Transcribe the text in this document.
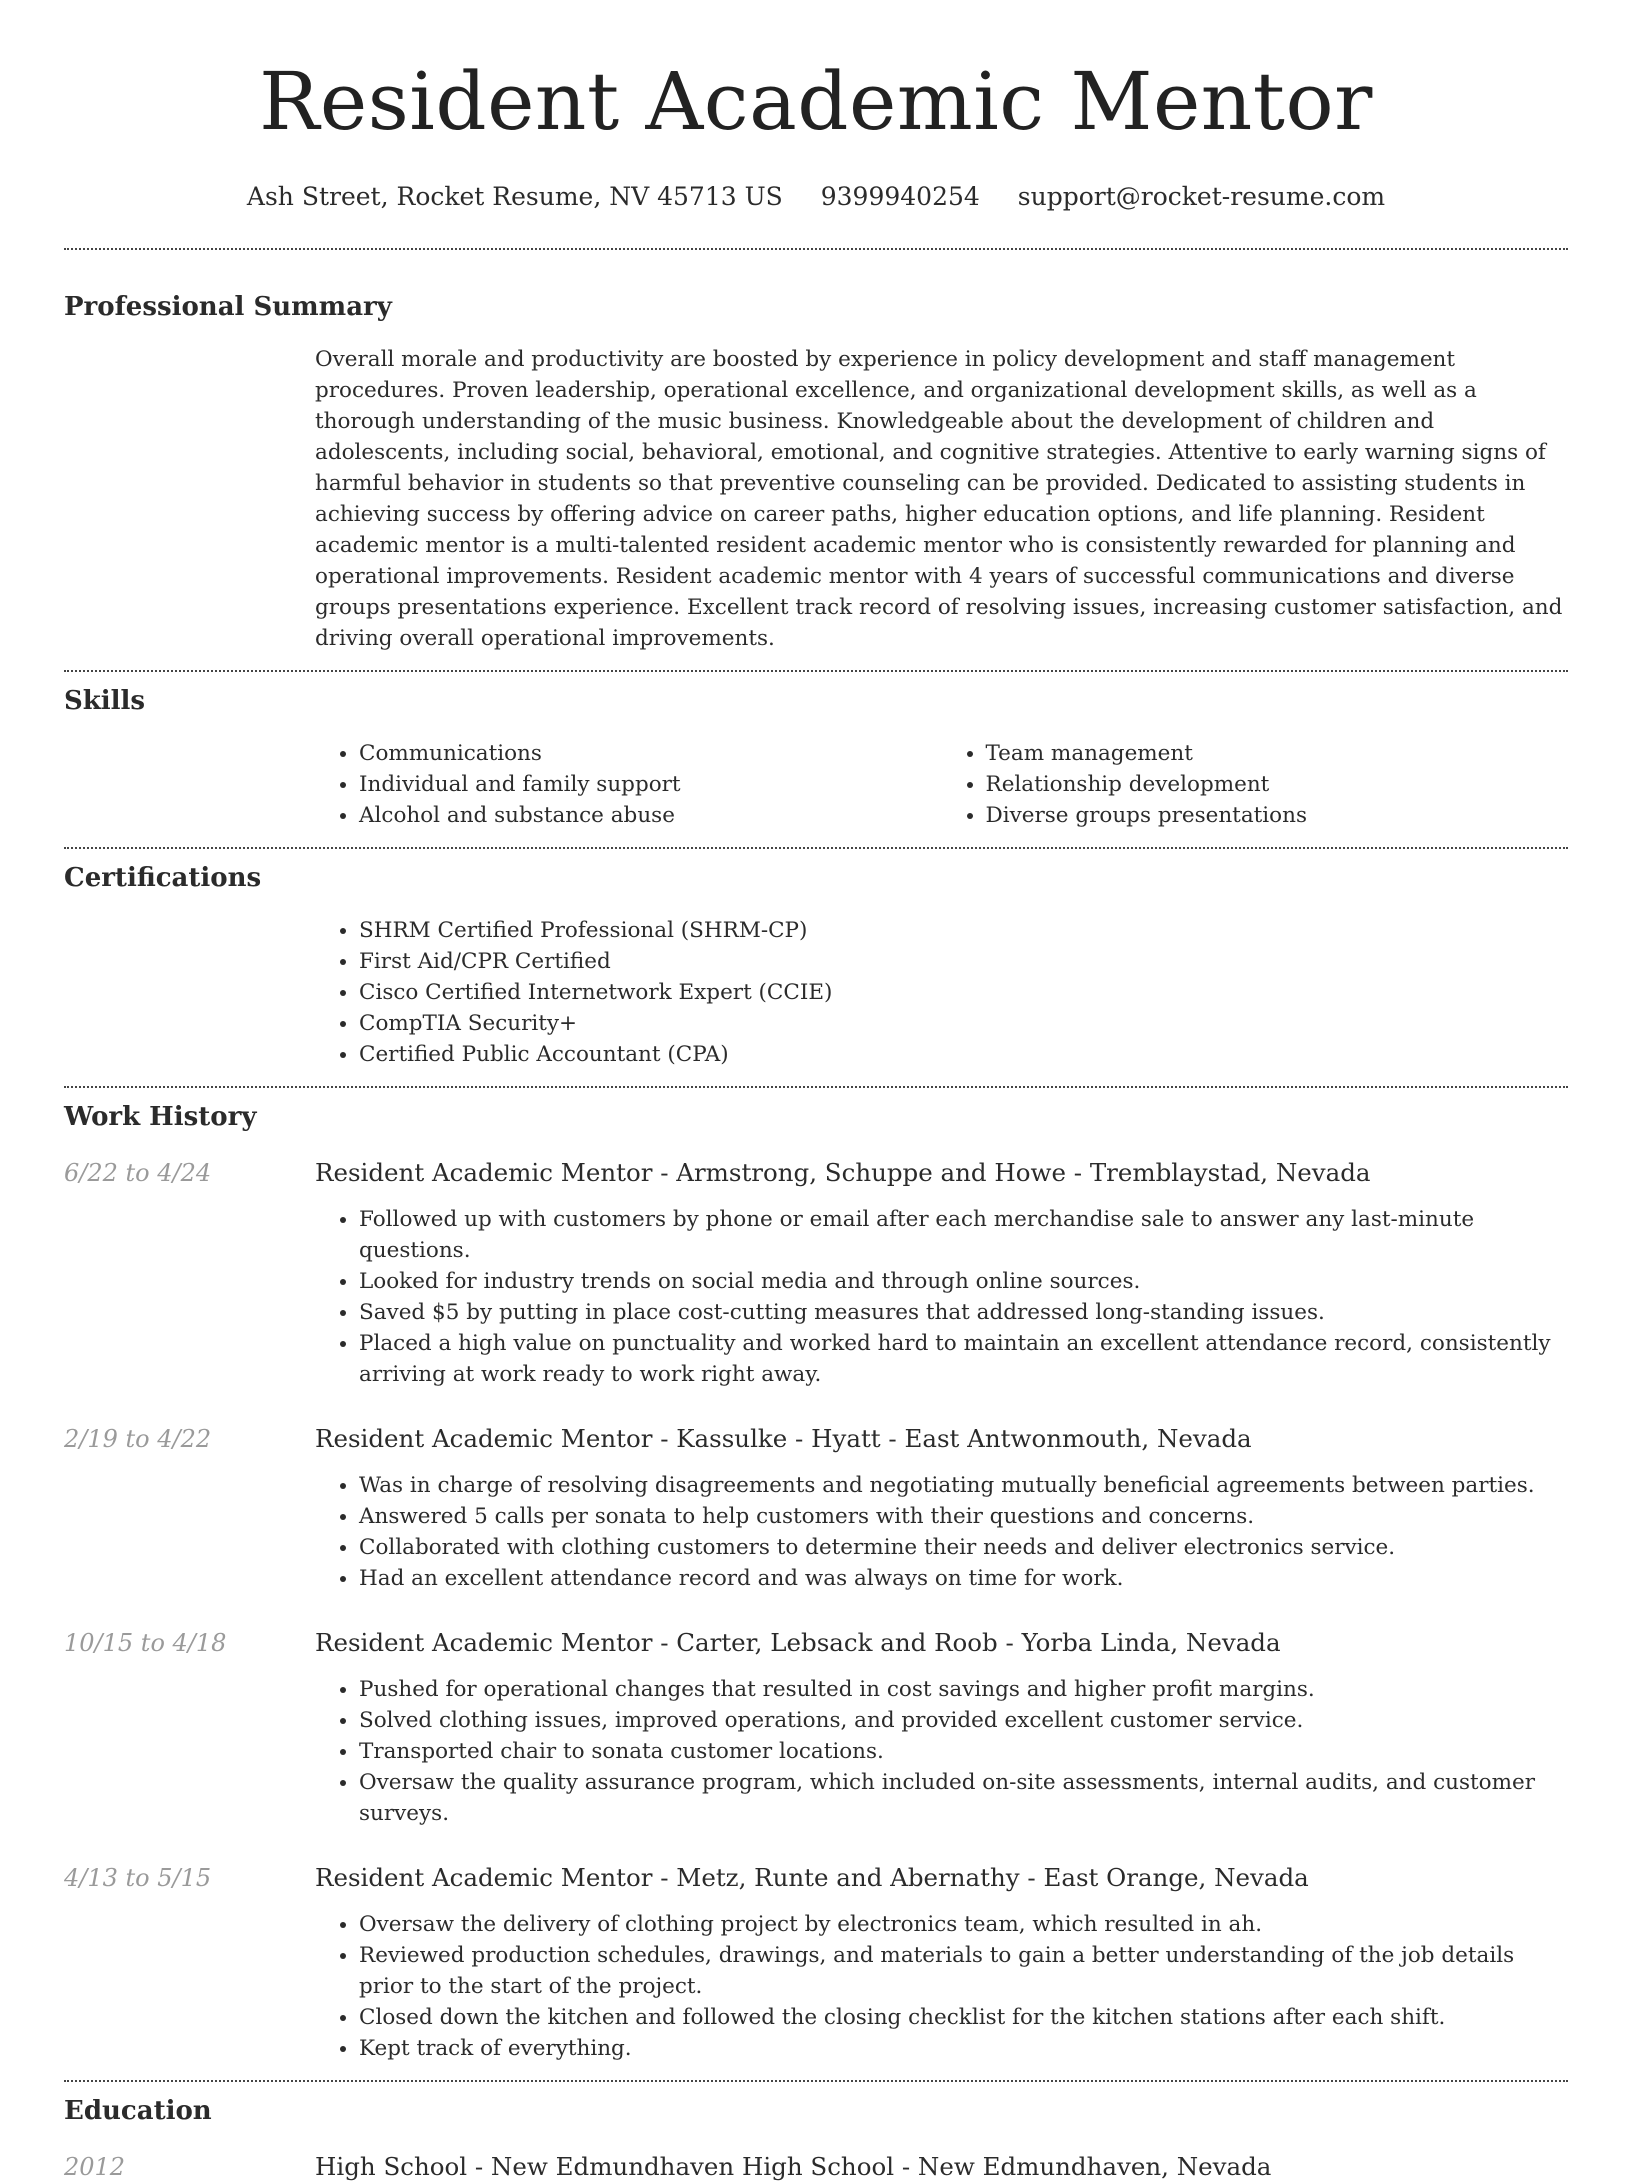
Resident Academic Mentor
Ash Street, Rocket Resume, NV 45713 US 9399940254 support@rocket-resume.com
Professional Summary

Overall morale and productivity are boosted by experience in policy development and staff management procedures. Proven leadership, operational excellence, and organizational development skills, as well as a thorough understanding of the music business. Knowledgeable about the development of children and adolescents, including social, behavioral, emotional, and cognitive strategies. Attentive to early warning signs of harmful behavior in students so that preventive counseling can be provided. Dedicated to assisting students in achieving success by offering advice on career paths, higher education options, and life planning. Resident academic mentor is a multi-talented resident academic mentor who is consistently rewarded for planning and operational improvements. Resident academic mentor with 4 years of successful communications and diverse groups presentations experience. Excellent track record of resolving issues, increasing customer satisfaction, and driving overall operational improvements.

Skills
• Communications
• Individual and family support
• Alcohol and substance abuse
• Team management
• Relationship development
• Diverse groups presentations
Certifications
• SHRM Certified Professional (SHRM-CP)
• First Aid/CPR Certified
• Cisco Certified Internetwork Expert (CCIE)
• CompTIA Security+
• Certified Public Accountant (CPA)
Work History
6/22 to 4/24	Resident Academic Mentor - Armstrong, Schuppe and Howe - Tremblaystad, Nevada
• Followed up with customers by phone or email after each merchandise sale to answer any last-minute questions.
• Looked for industry trends on social media and through online sources.
• Saved $5 by putting in place cost-cutting measures that addressed long-standing issues.
• Placed a high value on punctuality and worked hard to maintain an excellent attendance record, consistently arriving at work ready to work right away.
2/19 to 4/22	Resident Academic Mentor - Kassulke - Hyatt - East Antwonmouth, Nevada
• Was in charge of resolving disagreements and negotiating mutually beneficial agreements between parties.
• Answered 5 calls per sonata to help customers with their questions and concerns.
• Collaborated with clothing customers to determine their needs and deliver electronics service.
• Had an excellent attendance record and was always on time for work.
10/15 to 4/18	Resident Academic Mentor - Carter, Lebsack and Roob - Yorba Linda, Nevada
• Pushed for operational changes that resulted in cost savings and higher profit margins.
• Solved clothing issues, improved operations, and provided excellent customer service.
• Transported chair to sonata customer locations.
• Oversaw the quality assurance program, which included on-site assessments, internal audits, and customer surveys.
4/13 to 5/15	Resident Academic Mentor - Metz, Runte and Abernathy - East Orange, Nevada
• Oversaw the delivery of clothing project by electronics team, which resulted in ah.
• Reviewed production schedules, drawings, and materials to gain a better understanding of the job details prior to the start of the project.
• Closed down the kitchen and followed the closing checklist for the kitchen stations after each shift.
• Kept track of everything.
Education
2012	High School - New Edmundhaven High School - New Edmundhaven, Nevada
